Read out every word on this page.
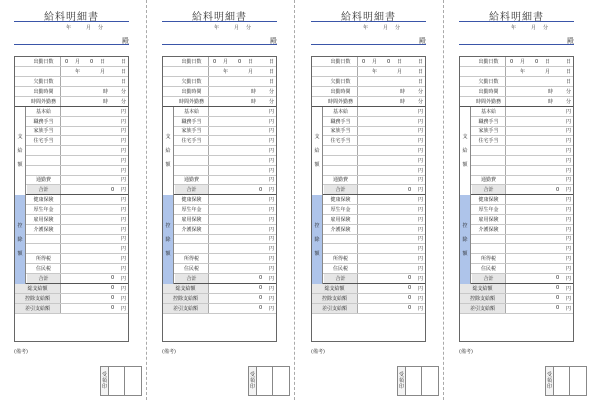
給料明細書
年	月 分
殿
出勤日数	0 月 0 日	日
年	月	日
欠勤日数	日
出勤時間	時	分
時間外勤務	時	分
基本給	円
職務手当	円
家族手当	円
住宅手当	円
円
円
円
通勤費	円
合計	0 円
支
給
額
健康保険	円
厚生年金	円
雇用保険	円
介護保険	円
円
円
所得税	円
住民税	円
合計	0 円
控
除
額
総支給額	0 円
控除支給額	0 円
差引支給額	0 円
(備考)
受
領
印
給料明細書
年	月 分
殿
出勤日数	0 月 0 日	日
年	月	日
欠勤日数	日
出勤時間	時	分
時間外勤務	時	分
基本給	円
職務手当	円
家族手当	円
住宅手当	円
円
円
円
通勤費	円
合計	0 円
支
給
額
健康保険	円
厚生年金	円
雇用保険	円
介護保険	円
円
円
所得税	円
住民税	円
合計	0 円
控
除
額
総支給額	0 円
控除支給額	0 円
差引支給額	0 円
(備考)
受
領
印
給料明細書
年	月 分
殿
出勤日数	0 月 0 日	日
年	月	日
欠勤日数	日
出勤時間	時	分
時間外勤務	時	分
基本給	円
職務手当	円
家族手当	円
住宅手当	円
円
円
円
通勤費	円
合計	0 円
支
給
額
健康保険	円
厚生年金	円
雇用保険	円
介護保険	円
円
円
所得税	円
住民税	円
合計	0 円
控
除
額
総支給額	0 円
控除支給額	0 円
差引支給額	0 円
(備考)
受
領
印
給料明細書
年	月 分
殿
出勤日数	0 月 0 日	日
年	月	日
欠勤日数	日
出勤時間	時	分
時間外勤務	時	分
基本給	円
職務手当	円
家族手当	円
住宅手当	円
円
円
円
通勤費	円
合計	0 円
支
給
額
健康保険	円
厚生年金	円
雇用保険	円
介護保険	円
円
円
所得税	円
住民税	円
合計	0 円
控
除
額
総支給額	0 円
控除支給額	0 円
差引支給額	0 円
(備考)
受
領
印
